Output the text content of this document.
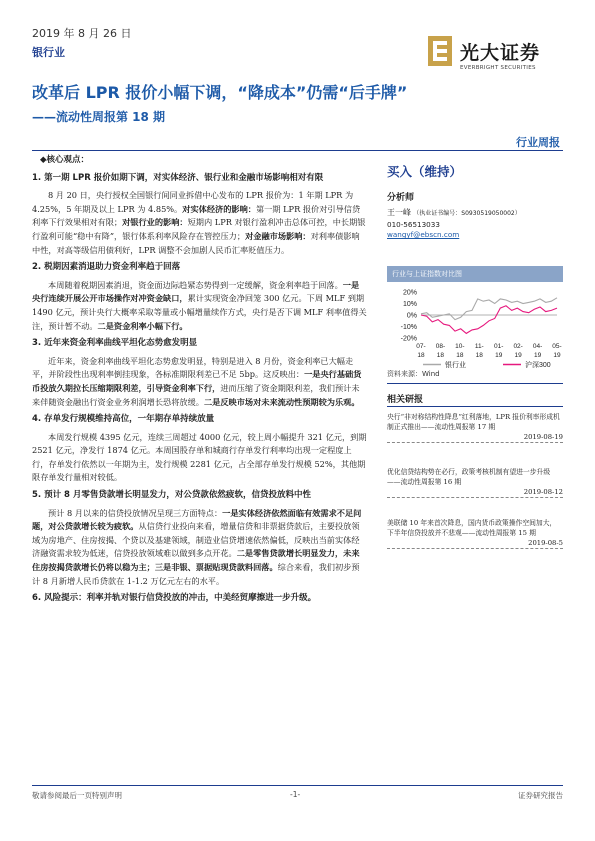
2019 年 8 月 26 日
银行业	光大证券
EVERBRIGHT SECURITIES
改革后 LPR 报价小幅下调，“降成本”仍需“后手牌”
——流动性周报第 18 期
行业周报
◆核心观点：

1. 第一期 LPR 报价如期下调，对实体经济、银行业和金融市场影响相对有限

8 月 20 日，央行授权全国银行间同业拆借中心发布的 LPR 报价为：1 年期 LPR 为 4.25%，5 年期及以上 LPR 为 4.85%。对实体经济的影响：第一期 LPR 报价对引导信贷利率下行效果相对有限；对银行业的影响：短期内 LPR 对银行盈利冲击总体可控，中长期银行盈利可能“稳中有降”，银行体系利率风险存在管控压力；对金融市场影响：对利率债影响中性，对高等级信用债利好，LPR 调整不会加剧人民币汇率贬值压力。

2. 税期因素消退助力资金利率趋于回落

本周随着税期因素消退，资金面边际趋紧态势得到一定缓解，资金利率趋于回落。一是央行连续开展公开市场操作对冲资金缺口，累计实现资金净回笼 300 亿元。下周 MLF 到期 1490 亿元，预计央行大概率采取等量或小幅增量续作方式，央行是否下调 MLF 利率值得关注，预计暂不动。二是资金利率小幅下行。

3. 近年来资金利率曲线平坦化态势愈发明显

近年来，资金利率曲线平坦化态势愈发明显，特别是进入 8 月份，资金利率已大幅走平，并阶段性出现利率倒挂现象，各标准期限利差已不足 5bp。这反映出：一是央行基础货币投放久期拉长压缩期限利差，引导资金利率下行，进而压缩了资金期限利差，我们预计未来伴随资金融出行资金业务利润增长恐将放缓。二是反映市场对未来流动性预期较为乐观。

4. 存单发行规模维持高位，一年期存单持续放量

本周发行规模 4395 亿元，连续三周超过 4000 亿元，较上周小幅提升 321 亿元，到期 2521 亿元，净发行 1874 亿元。本周国股存单和城商行存单发行利率均出现一定程度上行，存单发行依然以一年期为主，发行规模 2281 亿元，占全部存单发行规模 52%，其他期限存单发行量相对较低。

5. 预计 8 月零售贷款增长明显发力，对公贷款依然疲软，信贷投放料中性

预计 8 月以来的信贷投放情况呈现三方面特点：一是实体经济依然面临有效需求不足问题，对公贷款增长较为疲软。从信贷行业投向来看，增量信贷和非票据贷款后，主要投放领域为房地产、住房按揭、个贷以及基建领域，制造业信贷增速依然偏低，反映出当前实体经济融资需求较为低迷，信贷投放领域难以做到多点开花。二是零售贷款增长明显发力，未来住房按揭贷款增长仍将以稳为主；三是非银、票据贴现贷款料回落。综合来看，我们初步预计 8 月新增人民币贷款在 1-1.2 万亿元左右的水平。

6. 风险提示：利率并轨对银行信贷投放的冲击，中美经贸摩擦进一步升级。

买入（维持）
分析师
王一峰 （执业证书编号：S0930519050002）
010-56513033
wangyf@ebscn.com
行业与上证指数对比图
20%
10%
0%
-10%
-20%
07-
18
08-
18
10-
18
11-
18
01-
19
02-
19
04-
19
05-
19
银行业	沪深300
资料来源：Wind
相关研报
央行“非对称结构性降息”红利落地，LPR 报价利率形成机制正式推出——流动性周报第 17 期
2019-08-19
优化信贷结构势在必行，政策考核机制有望进一步升级——流动性周报第 16 期
2019-08-12
美联储 10 年来首次降息，国内货币政策操作空间加大，下半年信贷投放并不悲观——流动性周报第 15 期
2019-08-5
敬请参阅最后一页特别声明	-1-	证券研究报告
